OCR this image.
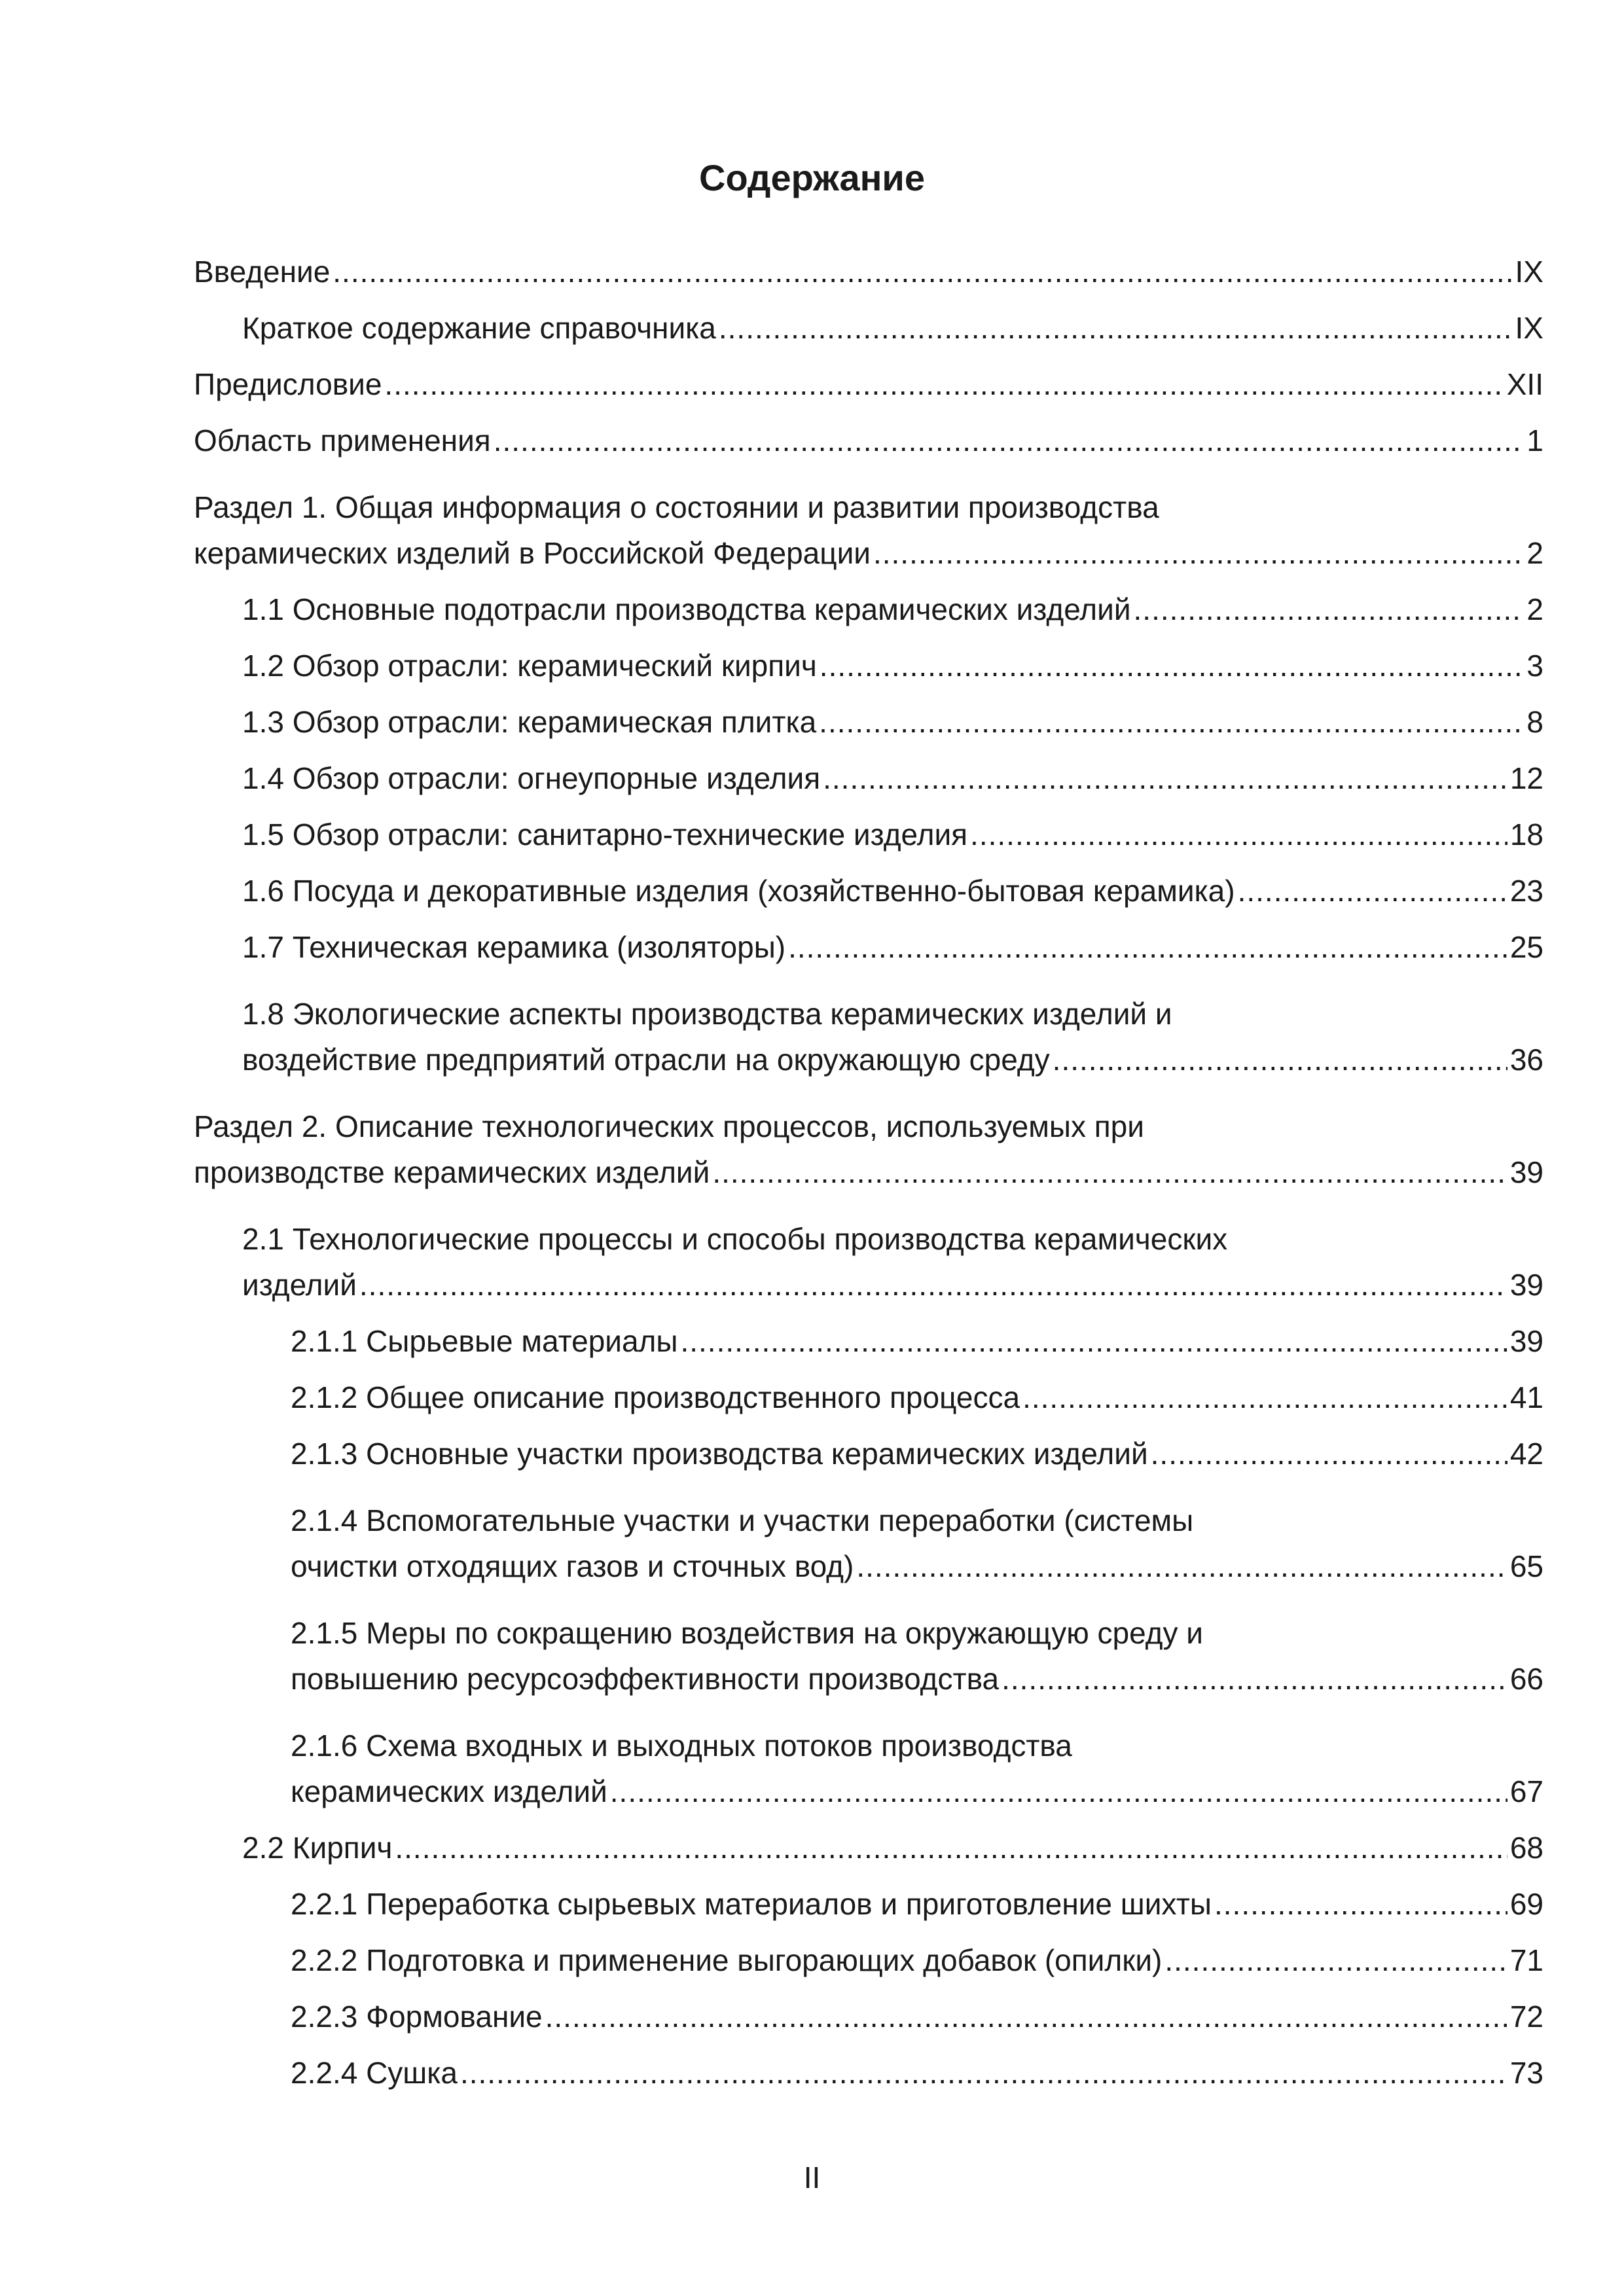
Содержание
Введение .....	IX
Краткое содержание справочника .....	IX
Предисловие .....	XII
Область применения .....	1
Раздел 1. Общая информация о состоянии и развитии производства
керамических изделий в Российской Федерации .....	2
1.1 Основные подотрасли производства керамических изделий .....	2
1.2 Обзор отрасли: керамический кирпич .....	3
1.3 Обзор отрасли: керамическая плитка .....	8
1.4 Обзор отрасли: огнеупорные изделия .....	12
1.5 Обзор отрасли: санитарно-технические изделия .....	18
1.6 Посуда и декоративные изделия (хозяйственно-бытовая керамика) .....	23
1.7 Техническая керамика (изоляторы) .....	25
1.8 Экологические аспекты производства керамических изделий и
воздействие предприятий отрасли на окружающую среду .....	36
Раздел 2. Описание технологических процессов, используемых при
производстве керамических изделий .....	39
2.1 Технологические процессы и способы производства керамических
изделий .....	39
2.1.1 Сырьевые материалы .....	39
2.1.2 Общее описание производственного процесса .....	41
2.1.3 Основные участки производства керамических изделий .....	42
2.1.4 Вспомогательные участки и участки переработки (системы
очистки отходящих газов и сточных вод) .....	65
2.1.5 Меры по сокращению воздействия на окружающую среду и
повышению ресурсоэффективности производства .....	66
2.1.6 Схема входных и выходных потоков производства
керамических изделий .....	67
2.2 Кирпич .....	68
2.2.1 Переработка сырьевых материалов и приготовление шихты .....	69
2.2.2 Подготовка и применение выгорающих добавок (опилки) .....	71
2.2.3 Формование .....	72
2.2.4 Сушка .....	73
II
